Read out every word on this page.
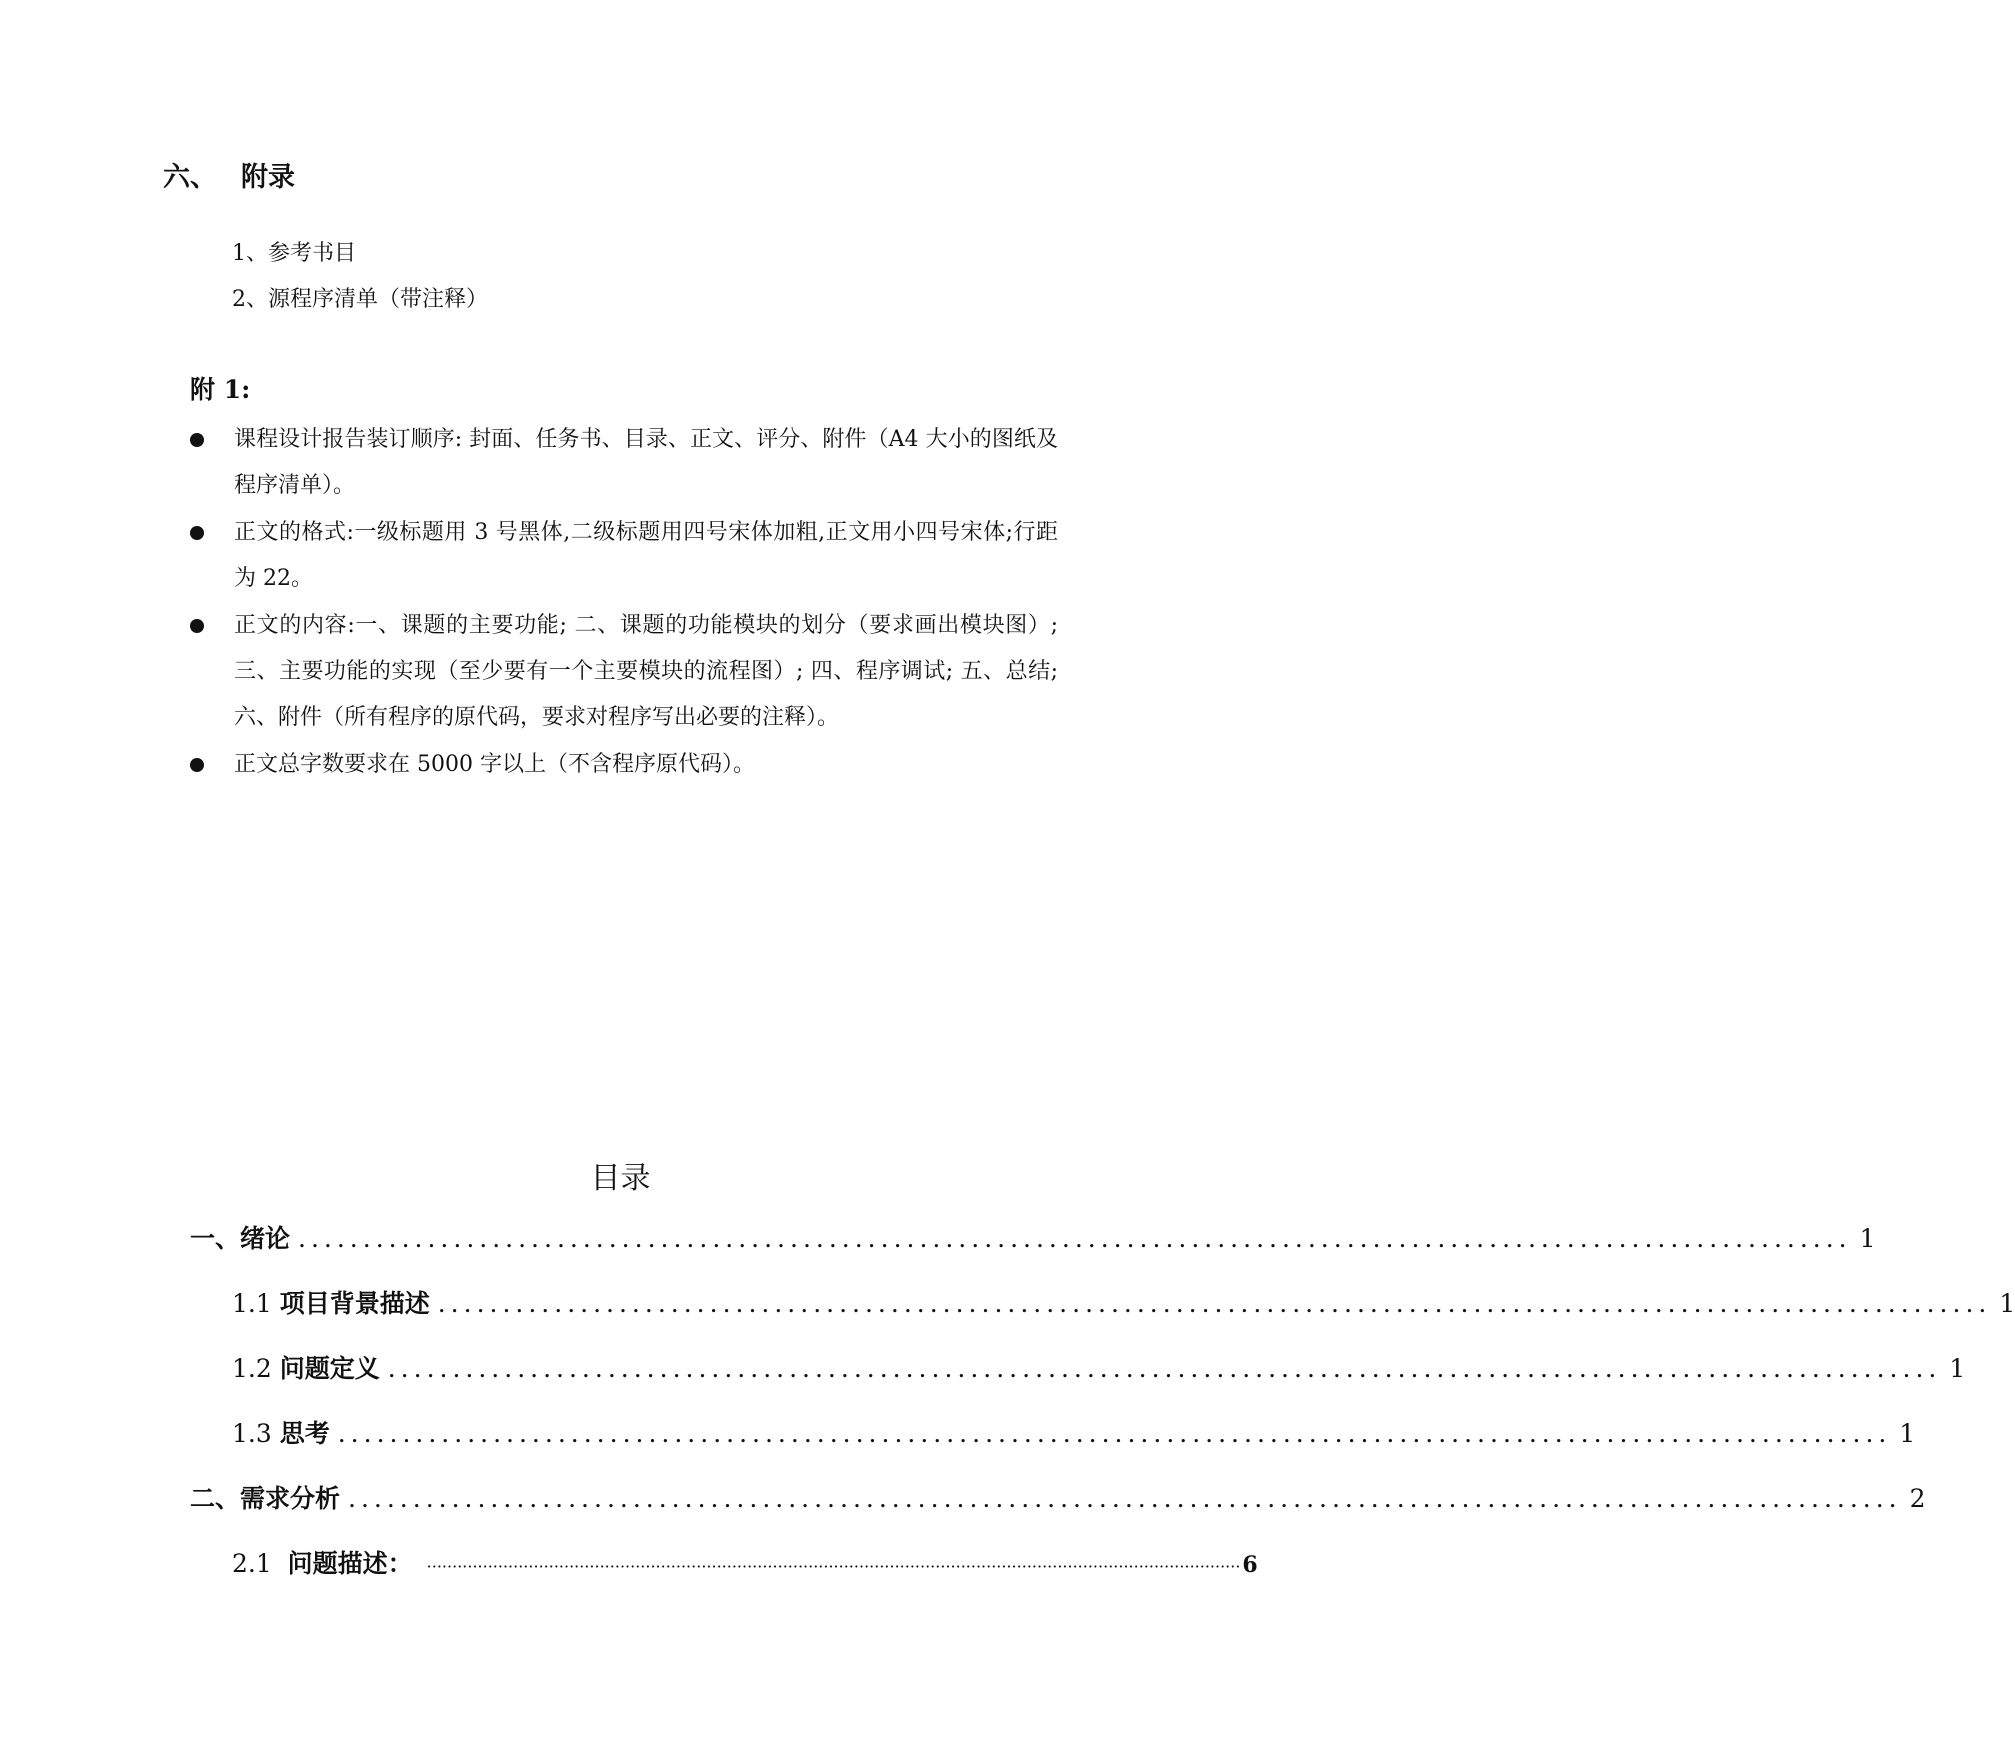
六、 附录
1、参考书目
2、源程序清单（带注释）
附 1:
课程设计报告装订顺序: 封面、任务书、目录、正文、评分、附件（A4 大小的图纸及程序清单）。
正文的格式:一级标题用 3 号黑体,二级标题用四号宋体加粗,正文用小四号宋体;行距为 22。
正文的内容:一、课题的主要功能; 二、课题的功能模块的划分（要求画出模块图）; 三、主要功能的实现（至少要有一个主要模块的流程图）; 四、程序调试; 五、总结; 六、附件（所有程序的原代码，要求对程序写出必要的注释）。
正文总字数要求在 5000 字以上（不含程序原代码）。
目录
一、绪论 ........................................................................................................................ 1
1.1 项目背景描述 ........................................................................................................................ 1
1.2 问题定义 ........................................................................................................................ 1
1.3 思考 ........................................................................................................................ 1
二、需求分析 ........................................................................................................................ 2
2.1  问题描述： ································································································································································ 6
